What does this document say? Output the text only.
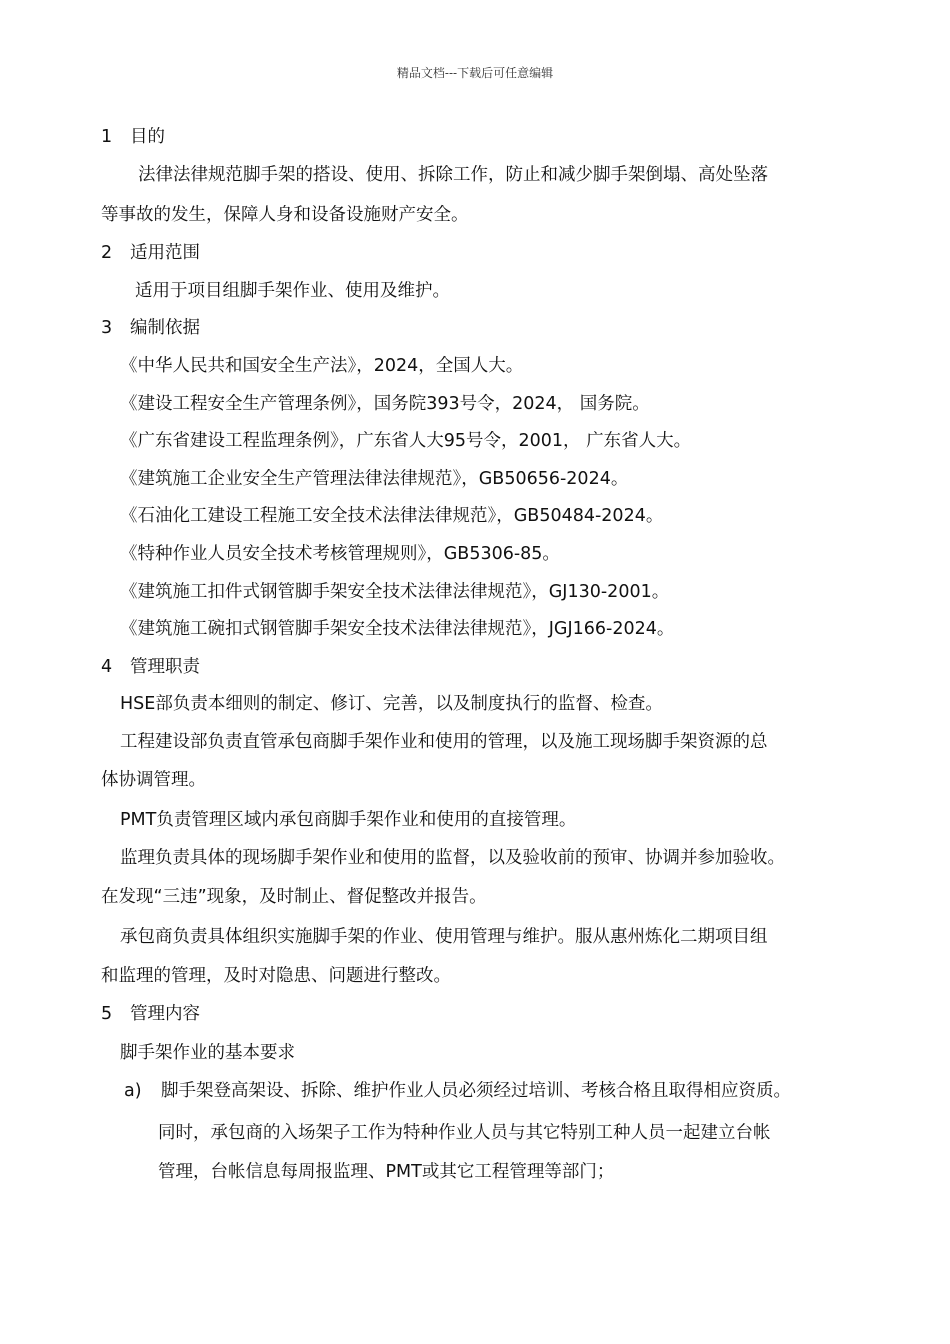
精品文档---下载后可任意编辑
1 目的
法律法律规范脚手架的搭设、使用、拆除工作，防止和减少脚手架倒塌、高处坠落
等事故的发生，保障人身和设备设施财产安全。
2 适用范围
适用于项目组脚手架作业、使用及维护。
3 编制依据
《中华人民共和国安全生产法》，2024，全国人大。
《建设工程安全生产管理条例》，国务院393号令，2024， 国务院。
《广东省建设工程监理条例》，广东省人大95号令，2001， 广东省人大。
《建筑施工企业安全生产管理法律法律规范》，GB50656-2024。
《石油化工建设工程施工安全技术法律法律规范》，GB50484-2024。
《特种作业人员安全技术考核管理规则》，GB5306-85。
《建筑施工扣件式钢管脚手架安全技术法律法律规范》，GJ130-2001。
《建筑施工碗扣式钢管脚手架安全技术法律法律规范》，JGJ166-2024。
4 管理职责
HSE部负责本细则的制定、修订、完善，以及制度执行的监督、检查。
工程建设部负责直管承包商脚手架作业和使用的管理，以及施工现场脚手架资源的总
体协调管理。
PMT负责管理区域内承包商脚手架作业和使用的直接管理。
监理负责具体的现场脚手架作业和使用的监督，以及验收前的预审、协调并参加验收。
在发现“三违”现象，及时制止、督促整改并报告。
承包商负责具体组织实施脚手架的作业、使用管理与维护。服从惠州炼化二期项目组
和监理的管理，及时对隐患、问题进行整改。
5 管理内容
脚手架作业的基本要求
a) 脚手架登高架设、拆除、维护作业人员必须经过培训、考核合格且取得相应资质。
同时，承包商的入场架子工作为特种作业人员与其它特别工种人员一起建立台帐
管理，台帐信息每周报监理、PMT或其它工程管理等部门；
